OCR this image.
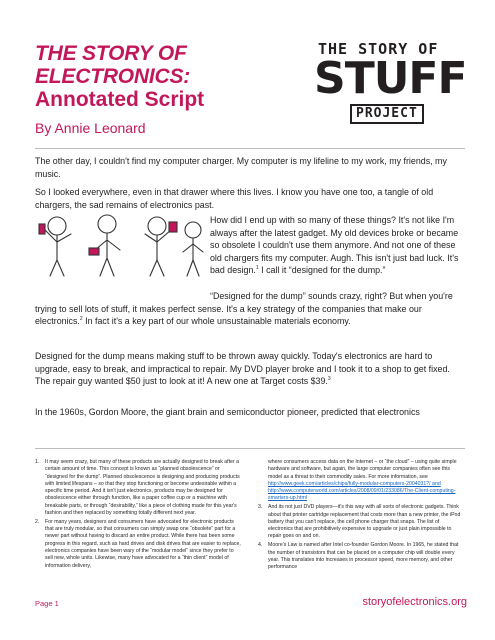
THE STORY OF
ELECTRONICS:
Annotated Script
By Annie Leonard
THE STORY OF
STUFF
PROJECT
The other day, I couldn't find my computer charger. My computer is my lifeline to my work, my friends, my music.
So I looked everywhere, even in that drawer where this lives. I know you have one too, a tangle of old chargers, the sad remains of electronics past.
How did I end up with so many of these things? It's not like I'm always after the latest gadget. My old devices broke or became so obsolete I couldn't use them anymore. And not one of these old chargers fits my computer. Augh. This isn't just bad luck. It's bad design.$^1$ I call it “designed for the dump.”
“Designed for the dump” sounds crazy, right? But when you're trying to sell lots of stuff, it makes perfect sense. It's a key strategy of the companies that make our electronics.$^2$ In fact it's a key part of our whole unsustainable materials economy.
Designed for the dump means making stuff to be thrown away quickly. Today's electronics are hard to upgrade, easy to break, and impractical to repair. My DVD player broke and I took it to a shop to get fixed. The repair guy wanted $50 just to look at it! A new one at Target costs $39.$^3$
In the 1960s, Gordon Moore, the giant brain and semiconductor pioneer, predicted that electronics
1.	It may seem crazy, but many of these products are actually designed to break after a certain amount of time. This concept is known as “planned obsolescence” or “designed for the dump”. Planned obsolescence is designing and producing products with limited lifespans – so that they stop functioning or become undesirable within a specific time period. And it isn't just electronics, products may be designed for obsolescence either through function, like a paper coffee cup or a machine with breakable parts, or through “desirability,” like a piece of clothing made for this year's fashion and then replaced by something totally different next year.
2.	For many years, designers and consumers have advocated for electronic products that are truly modular, so that consumers can simply swap one “obsolete” part for a newer part without having to discard an entire product. While there has been some progress in this regard, such as hard drives and disk drives that are easier to replace, electronics companies have been wary of the “modular model” since they prefer to sell new, whole units. Likewise, many have advocated for a “thin client” model of information delivery,
where consumers access data on the Internet – or “the cloud” – using quite simple hardware and software, but again, the large computer companies often see this model as a threat to their commodity sales. For more information, see http://www.geek.com/articles/chips/fully-modular-computers-2004031?/ and http://www.computerworld.com/articles/2008/09/01/233086/The-Client-computing-smarters-up.html
3.	And its not just DVD players—it's this way with all sorts of electronic gadgets. Think about that printer cartridge replacement that costs more than a new printer, the iPod battery that you can't replace, the cell phone charger that snaps. The list of electronics that are prohibitively expensive to upgrade or just plain impossible to repair goes on and on.
4.	Moore's Law is named after Intel co-founder Gordon Moore. In 1965, he stated that the number of transistors that can be placed on a computer chip will double every year. This translates into increases in processor speed, more memory, and other performance
Page 1	storyofelectronics.org
